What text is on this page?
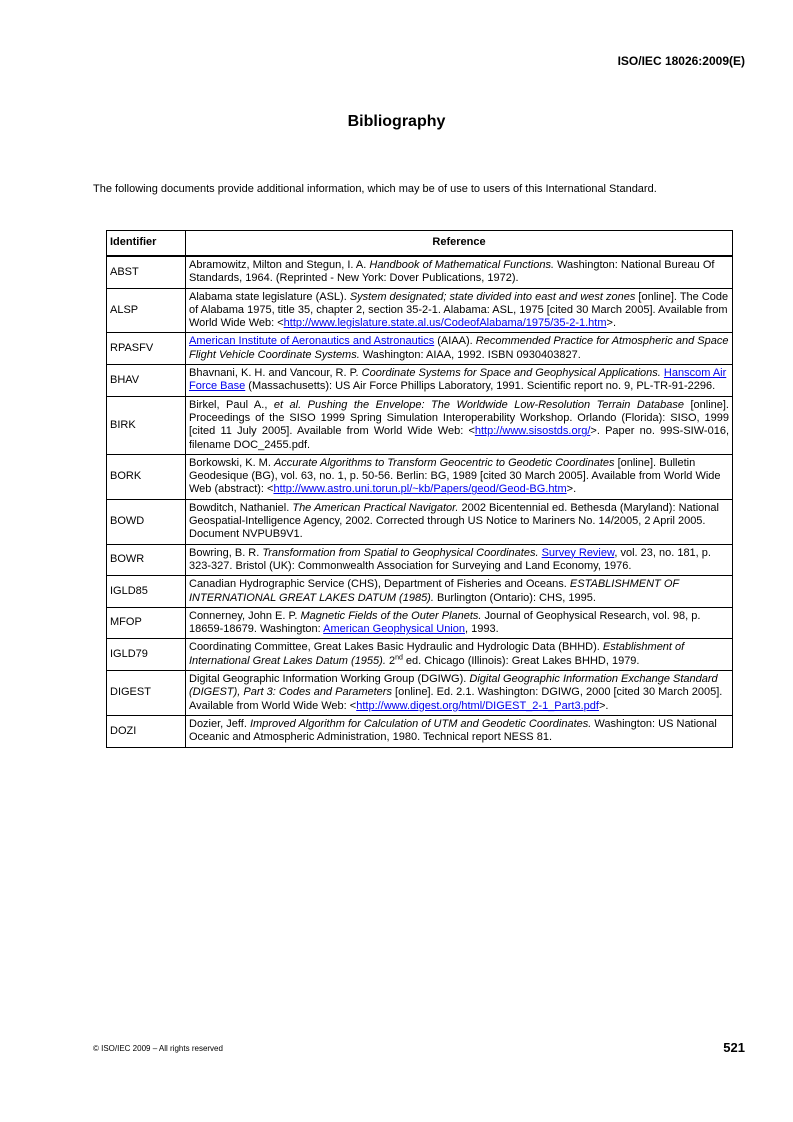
ISO/IEC 18026:2009(E)
Bibliography
The following documents provide additional information, which may be of use to users of this International Standard.
Identifier	Reference
ABST	Abramowitz, Milton and Stegun, I. A. Handbook of Mathematical Functions. Washington: National Bureau Of Standards, 1964. (Reprinted - New York: Dover Publications, 1972).
ALSP	Alabama state legislature (ASL). System designated; state divided into east and west zones [online]. The Code of Alabama 1975, title 35, chapter 2, section 35-2-1. Alabama: ASL, 1975 [cited 30 March 2005]. Available from World Wide Web: <http://www.legislature.state.al.us/CodeofAlabama/1975/35-2-1.htm>.
RPASFV	American Institute of Aeronautics and Astronautics (AIAA). Recommended Practice for Atmospheric and Space Flight Vehicle Coordinate Systems. Washington: AIAA, 1992. ISBN 0930403827.
BHAV	Bhavnani, K. H. and Vancour, R. P. Coordinate Systems for Space and Geophysical Applications. Hanscom Air Force Base (Massachusetts): US Air Force Phillips Laboratory, 1991. Scientific report no. 9, PL-TR-91-2296.
BIRK	Birkel, Paul A., et al. Pushing the Envelope: The Worldwide Low-Resolution Terrain Database [online]. Proceedings of the SISO 1999 Spring Simulation Interoperability Workshop. Orlando (Florida): SISO, 1999 [cited 11 July 2005]. Available from World Wide Web: <http://www.sisostds.org/>. Paper no. 99S-SIW-016, filename DOC_2455.pdf.
BORK	Borkowski, K. M. Accurate Algorithms to Transform Geocentric to Geodetic Coordinates [online]. Bulletin Geodesique (BG), vol. 63, no. 1, p. 50-56. Berlin: BG, 1989 [cited 30 March 2005]. Available from World Wide Web (abstract): <http://www.astro.uni.torun.pl/~kb/Papers/geod/Geod-BG.htm>.
BOWD	Bowditch, Nathaniel. The American Practical Navigator. 2002 Bicentennial ed. Bethesda (Maryland): National Geospatial-Intelligence Agency, 2002. Corrected through US Notice to Mariners No. 14/2005, 2 April 2005. Document NVPUB9V1.
BOWR	Bowring, B. R. Transformation from Spatial to Geophysical Coordinates. Survey Review, vol. 23, no. 181, p. 323-327. Bristol (UK): Commonwealth Association for Surveying and Land Economy, 1976.
IGLD85	Canadian Hydrographic Service (CHS), Department of Fisheries and Oceans. ESTABLISHMENT OF INTERNATIONAL GREAT LAKES DATUM (1985). Burlington (Ontario): CHS, 1995.
MFOP	Connerney, John E. P. Magnetic Fields of the Outer Planets. Journal of Geophysical Research, vol. 98, p. 18659-18679. Washington: American Geophysical Union, 1993.
IGLD79	Coordinating Committee, Great Lakes Basic Hydraulic and Hydrologic Data (BHHD). Establishment of International Great Lakes Datum (1955). 2nd ed. Chicago (Illinois): Great Lakes BHHD, 1979.
DIGEST	Digital Geographic Information Working Group (DGIWG). Digital Geographic Information Exchange Standard (DIGEST), Part 3: Codes and Parameters [online]. Ed. 2.1. Washington: DGIWG, 2000 [cited 30 March 2005]. Available from World Wide Web: <http://www.digest.org/html/DIGEST_2-1_Part3.pdf>.
DOZI	Dozier, Jeff. Improved Algorithm for Calculation of UTM and Geodetic Coordinates. Washington: US National Oceanic and Atmospheric Administration, 1980. Technical report NESS 81.
© ISO/IEC 2009 – All rights reserved	521
